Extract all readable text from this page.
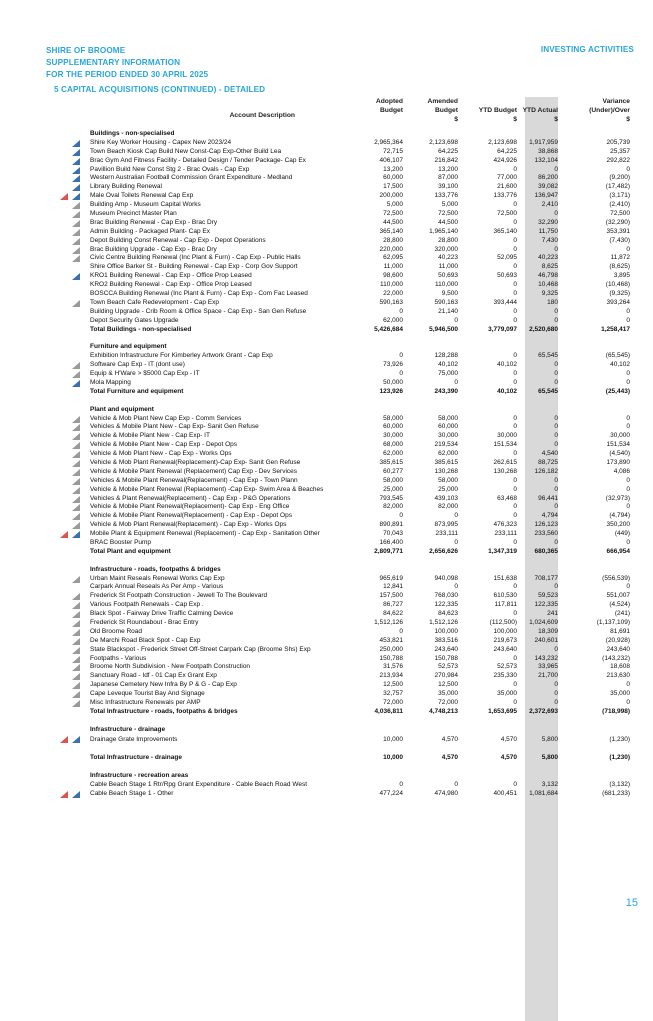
SHIRE OF BROOME
SUPPLEMENTARY INFORMATION
FOR THE PERIOD ENDED 30 APRIL 2025
INVESTING ACTIVITIES
5 CAPITAL ACQUISITIONS (CONTINUED) - DETAILED
Account Description
Adopted
Budget
Amended
Budget
$
YTD Budget
$
YTD Actual
$
Variance
(Under)/Over
$
Buildings - non-specialised
Shire Key Worker Housing - Capex New 2023/24	2,965,364	2,123,698	2,123,698 1,917,959	205,739
Town Beach Kiosk Cap Build New Const-Cap Exp-Other Build Lea	72,715	64,225	64,225	38,868	25,357
Brac Gym And Fitness Facility - Detailed Design / Tender Package- Cap Ex	406,107	216,842	424,926	132,104	292,822
Pavillion Build New Const Stg 2 - Brac Ovals - Cap Exp	13,200	13,200	0	0	0
Western Australian Football Commission Grant Expenditure - Medland	60,000	87,000	77,000	86,200	(9,200)
Library Building Renewal	17,500	39,100	21,600	39,082	(17,482)
Male Oval Toilets Renewal Cap Exp	200,000	133,776	133,776	136,947	(3,171)
Building Amp - Museum Capital Works	5,000	5,000	0	2,410	(2,410)
Museum Precinct Master Plan	72,500	72,500	72,500	0	72,500
Brac Building Renewal - Cap Exp - Brac Dry	44,500	44,500	0	32,290	(32,290)
Admin Building - Packaged Plant- Cap Ex	365,140	1,965,140	365,140	11,750	353,391
Depot Building Const Renewal - Cap Exp - Depot Operations	28,800	28,800	0	7,430	(7,430)
Brac Building Upgrade - Cap Exp - Brac Dry	220,000	320,000	0	0	0
Civic Centre Building Renewal (Inc Plant & Furn) - Cap Exp - Public Halls	62,095	40,223	52,095	40,223	11,872
Shire Office Barker St - Building Renewal - Cap Exp - Corp Gov Support	11,000	11,000	0	8,625	(8,625)
KRO1 Building Renewal - Cap Exp - Office Prop Leased	98,600	50,693	50,693	46,798	3,895
KRO2 Building Renewal - Cap Exp - Office Prop Leased	110,000	110,000	0	10,468	(10,468)
BOSCCA Building Renewal (Inc Plant & Furn) - Cap Exp - Com Fac Leased	22,000	9,500	0	9,325	(9,325)
Town Beach Cafe Redevelopment - Cap Exp	590,163	590,163	393,444	180	393,264
Building Upgrade - Crib Room & Office Space - Cap Exp - San Gen Refuse	0	21,140	0	0	0
Depot Security Gates Upgrade	62,000	0	0	0	0
Total Buildings - non-specialised	5,426,684	5,946,500	3,779,097 2,520,680	1,258,417
Furniture and equipment
Exhibition Infrastructure For Kimberley Artwork Grant - Cap Exp	0	128,288	0	65,545	(65,545)
Software Cap Exp - IT (dont use)	73,926	40,102	40,102	0	40,102
Equip & H'Ware > $5000 Cap Exp - IT	0	75,000	0	0	0
Mola Mapping	50,000	0	0	0	0
Total Furniture and equipment	123,926	243,390	40,102	65,545	(25,443)
Plant and equipment
Vehicle & Mob Plant New Cap Exp - Comm Services	58,000	58,000	0	0	0
Vehicles & Mobile Plant New - Cap Exp- Sanit Gen Refuse	60,000	60,000	0	0	0
Vehicle & Mobile Plant New - Cap Exp- IT	30,000	30,000	30,000	0	30,000
Vehicle & Mobile Plant New - Cap Exp - Depot Ops	68,000	219,534	151,534	0	151,534
Vehicle & Mob Plant New - Cap Exp - Works Ops	62,000	62,000	0	4,540	(4,540)
Vehicle & Mob Plant Renewal(Replacement)-Cap Exp- Sanit Gen Refuse	385,615	385,615	262,615	88,725	173,890
Vehicle & Mobile Plant Renewal (Replacement) Cap Exp - Dev Services	60,277	130,268	130,268	126,182	4,086
Vehicles & Mobile Plant Renewal(Replacement) - Cap Exp - Town Plann	58,000	58,000	0	0	0
Vehicle & Mobile Plant Renewal (Replacement) -Cap Exp- Swim Area & Beaches	25,000	25,000	0	0	0
Vehicles & Plant Renewal(Replacement) - Cap Exp - P&G Operations	793,545	439,103	63,468	96,441	(32,973)
Vehicle & Mobile Plant Renewal(Replacement)- Cap Exp - Eng Office	82,000	82,000	0	0	0
Vehicle & Mobile Plant Renewal(Replacement) - Cap Exp - Depot Ops	0	0	0	4,794	(4,794)
Vehicle & Mob Plant Renewal(Replacement) - Cap Exp - Works Ops	890,891	873,995	476,323	126,123	350,200
Mobile Plant & Equipment Renewal (Replacement) - Cap Exp - Sanitation Other	70,043	233,111	233,111	233,560	(449)
BRAC Booster Pump	166,400	0	0	0	0
Total Plant and equipment	2,809,771	2,656,626	1,347,319	680,365	666,954
Infrastructure - roads, footpaths & bridges
Urban Maint Reseals Renewal Works Cap Exp	965,619	940,098	151,638	708,177	(556,539)
Carpark Annual Reseals As Per Amp - Various	12,841	0	0	0	0
Frederick St Footpath Construction - Jewell To The Boulevard	157,500	768,030	610,530	59,523	551,007
Various Footpath Renewals - Cap Exp .	86,727	122,335	117,811	122,335	(4,524)
Black Spot - Fairway Drive Traffic Calming Device	84,622	84,623	0	241	(241)
Frederick St Roundabout - Brac Entry	1,512,126	1,512,126	(112,500) 1,024,609	(1,137,109)
Old Broome Road	0	100,000	100,000	18,309	81,691
De Marchi Road Black Spot - Cap Exp	453,821	383,516	219,673	240,601	(20,928)
State Blackspot - Frederick Street Off-Street Carpark Cap (Broome Shs) Exp	250,000	243,640	243,640	0	243,640
Footpaths - Various	150,788	150,788	0	143,232	(143,232)
Broome North Subdivision - New Footpath Construction	31,576	52,573	52,573	33,965	18,608
Sanctuary Road - Idf - 01 Cap Ex Grant Exp	213,934	270,984	235,330	21,700	213,630
Japanese Cemetery New Infra By P & G - Cap Exp	12,500	12,500	0	0	0
Cape Leveque Tourist Bay And Signage	32,757	35,000	35,000	0	35,000
Misc Infrastructure Renewals per AMP	72,000	72,000	0	0	0
Total Infrastructure - roads, footpaths & bridges	4,036,811	4,748,213	1,653,695 2,372,693	(718,998)
Infrastructure - drainage
Drainage Grate Improvements	10,000	4,570	4,570	5,800	(1,230)
Total Infrastructure - drainage	10,000	4,570	4,570	5,800	(1,230)
Infrastructure - recreation areas
Cable Beach Stage 1 Rtr/Rpg Grant Expenditure - Cable Beach Road West	0	0	0	3,132	(3,132)
Cable Beach Stage 1 - Other	477,224	474,980	400,451 1,081,684	(681,233)
15
